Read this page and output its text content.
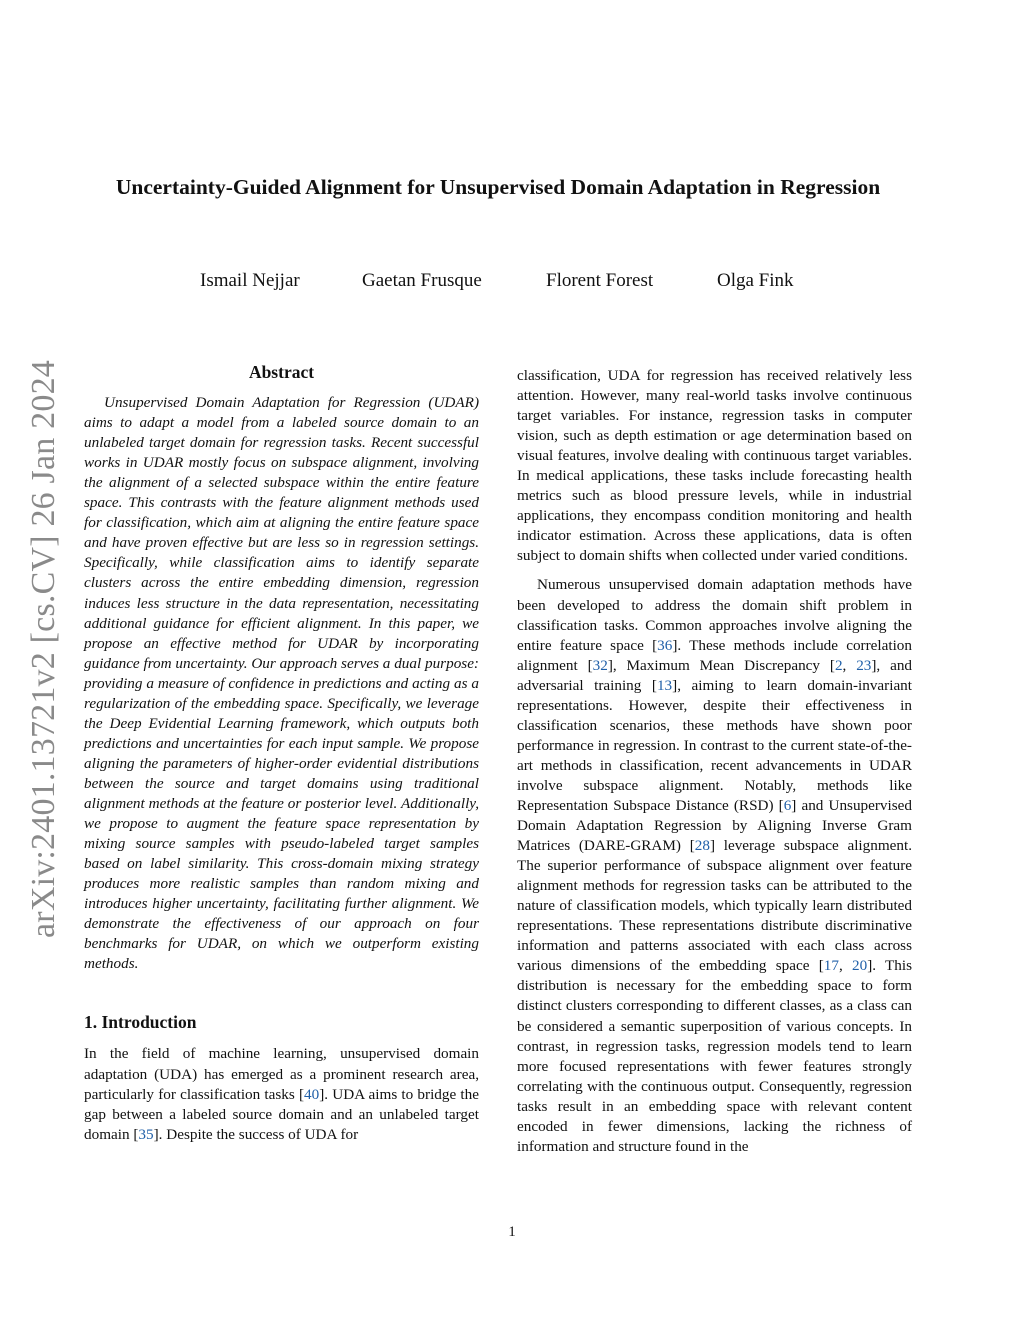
Uncertainty-Guided Alignment for Unsupervised Domain Adaptation in Regression
Ismail Nejjar	Gaetan Frusque	Florent Forest	Olga Fink
arXiv:2401.13721v2 [cs.CV] 26 Jan 2024	Abstract

Unsupervised Domain Adaptation for Regression (UDAR) aims to adapt a model from a labeled source domain to an unlabeled target domain for regression tasks. Recent successful works in UDAR mostly focus on subspace alignment, involving the alignment of a selected subspace within the entire feature space. This contrasts with the feature alignment methods used for classification, which aim at aligning the entire feature space and have proven effective but are less so in regression settings. Specifically, while classification aims to identify separate clusters across the entire embedding dimension, regression induces less structure in the data representation, necessitating additional guidance for efficient alignment. In this paper, we propose an effective method for UDAR by incorporating guidance from uncertainty. Our approach serves a dual purpose: providing a measure of confidence in predictions and acting as a regularization of the embedding space. Specifically, we leverage the Deep Evidential Learning framework, which outputs both predictions and uncertainties for each input sample. We propose aligning the parameters of higher-order evidential distributions between the source and target domains using traditional alignment methods at the feature or posterior level. Additionally, we propose to augment the feature space representation by mixing source samples with pseudo-labeled target samples based on label similarity. This cross-domain mixing strategy produces more realistic samples than random mixing and introduces higher uncertainty, facilitating further alignment. We demonstrate the effectiveness of our approach on four benchmarks for UDAR, on which we outperform existing methods.

1. Introduction

In the field of machine learning, unsupervised domain adaptation (UDA) has emerged as a prominent research area, particularly for classification tasks [40]. UDA aims to bridge the gap between a labeled source domain and an unlabeled target domain [35]. Despite the success of UDA for

classification, UDA for regression has received relatively less attention. However, many real-world tasks involve continuous target variables. For instance, regression tasks in computer vision, such as depth estimation or age determination based on visual features, involve dealing with continuous target variables. In medical applications, these tasks include forecasting health metrics such as blood pressure levels, while in industrial applications, they encompass condition monitoring and health indicator estimation. Across these applications, data is often subject to domain shifts when collected under varied conditions.

Numerous unsupervised domain adaptation methods have been developed to address the domain shift problem in classification tasks. Common approaches involve aligning the entire feature space [36]. These methods include correlation alignment [32], Maximum Mean Discrepancy [2, 23], and adversarial training [13], aiming to learn domain-invariant representations. However, despite their effectiveness in classification scenarios, these methods have shown poor performance in regression. In contrast to the current state-of-the-art methods in classification, recent advancements in UDAR involve subspace alignment. Notably, methods like Representation Subspace Distance (RSD) [6] and Unsupervised Domain Adaptation Regression by Aligning Inverse Gram Matrices (DARE-GRAM) [28] leverage subspace alignment. The superior performance of subspace alignment over feature alignment methods for regression tasks can be attributed to the nature of classification models, which typically learn distributed representations. These representations distribute discriminative information and patterns associated with each class across various dimensions of the embedding space [17, 20]. This distribution is necessary for the embedding space to form distinct clusters corresponding to different classes, as a class can be considered a semantic superposition of various concepts. In contrast, in regression tasks, regression models tend to learn more focused representations with fewer features strongly correlating with the continuous output. Consequently, regression tasks result in an embedding space with relevant content encoded in fewer dimensions, lacking the richness of information and structure found in the

1
